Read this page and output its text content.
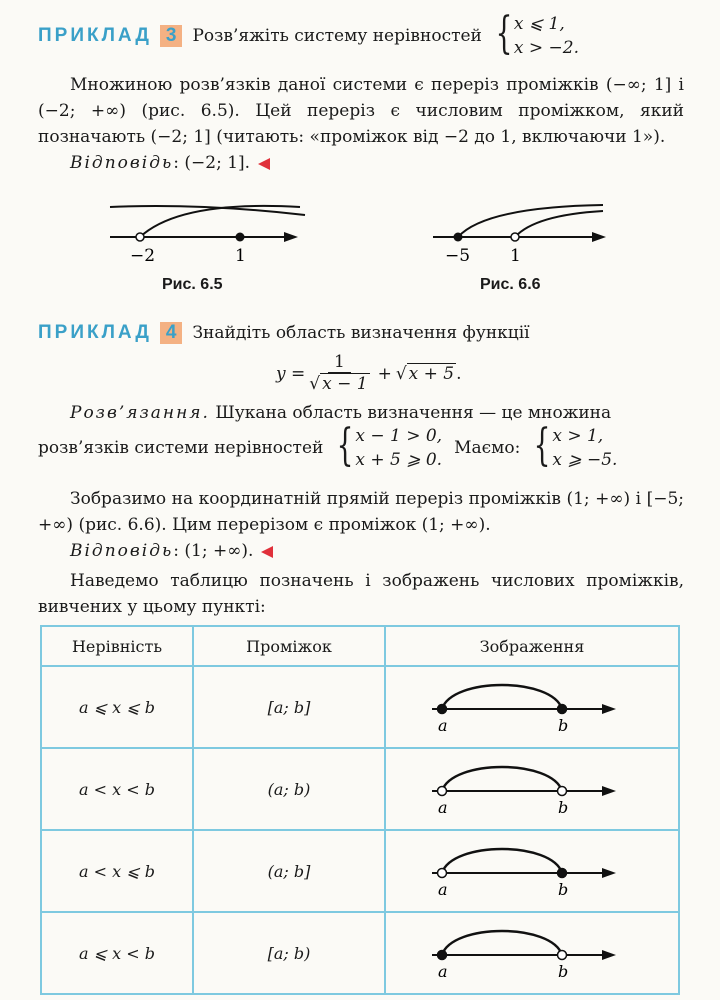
ПРИКЛАД 3 Розв’яжіть систему нерівностей { x ⩽ 1,
x > −2.
Множиною розв’язків даної системи є переріз проміжків (−∞; 1] і (−2; +∞) (рис. 6.5). Цей переріз є числовим проміжком, який позначають (−2; 1] (читають: «проміжок від −2 до 1, включаючи 1»).
Відповідь: (−2; 1].
−2	1
Рис. 6.5
−5 1
Рис. 6.6
ПРИКЛАД 4 Знайдіть область визначення функції
$y = \frac{1}{√ x - 1}$ + √ x + 5 .
Розв’язання. Шукана область визначення — це множина
розв’язків системи нерівностей { x − 1 > 0,
x + 5 ⩾ 0.
Маємо: { x > 1,
x ⩾ −5.
Зобразимо на координатній прямій переріз проміжків (1; +∞) і [−5; +∞) (рис. 6.6). Цим перерізом є проміжок (1; +∞).
Відповідь: (1; +∞).
Наведемо таблицю позначень і зображень числових проміжків, вивчених у цьому пункті:
Нерівність	Проміжок	Зображення
a ⩽ x ⩽ b	[a; b]	a b

a < x < b	(a; b)	a b

a < x ⩽ b	(a; b]	a b

a ⩽ x < b	[a; b)	a b
